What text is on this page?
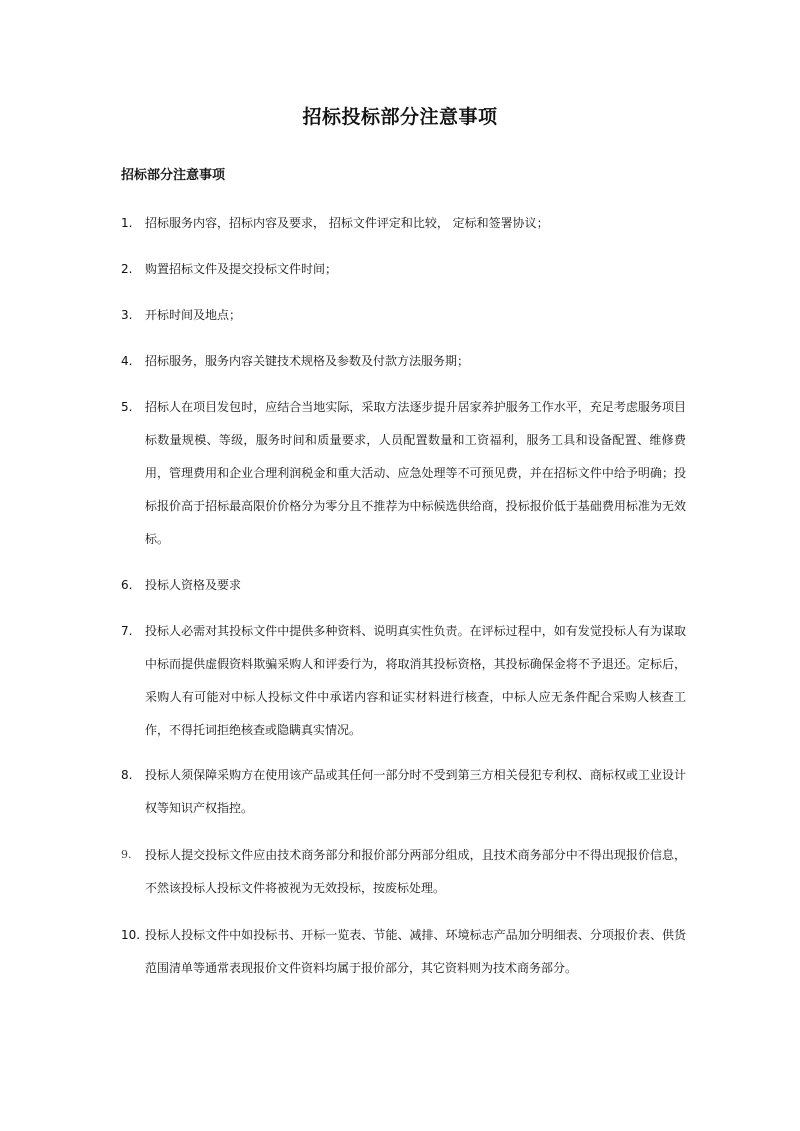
招标投标部分注意事项
招标部分注意事项
1. 招标服务内容，招标内容及要求， 招标文件评定和比较， 定标和签署协议；
2. 购置招标文件及提交投标文件时间；
3. 开标时间及地点；
4. 招标服务，服务内容关键技术规格及参数及付款方法服务期；
5. 招标人在项目发包时，应结合当地实际，采取方法逐步提升居家养护服务工作水平，充足考虑服务项目标数量规模、等级，服务时间和质量要求，人员配置数量和工资福利，服务工具和设备配置、维修费用，管理费用和企业合理利润税金和重大活动、应急处理等不可预见费，并在招标文件中给予明确；投标报价高于招标最高限价价格分为零分且不推荐为中标候选供给商，投标报价低于基础费用标准为无效标。
6. 投标人资格及要求
7. 投标人必需对其投标文件中提供多种资料、说明真实性负责。在评标过程中，如有发觉投标人有为谋取中标而提供虚假资料欺骗采购人和评委行为，将取消其投标资格，其投标确保金将不予退还。定标后，采购人有可能对中标人投标文件中承诺内容和证实材料进行核查，中标人应无条件配合采购人核查工作，不得托词拒绝核查或隐瞒真实情况。
8. 投标人须保障采购方在使用该产品或其任何一部分时不受到第三方相关侵犯专利权、商标权或工业设计权等知识产权指控。
9. 投标人提交投标文件应由技术商务部分和报价部分两部分组成，且技术商务部分中不得出现报价信息，不然该投标人投标文件将被视为无效投标，按废标处理。
10. 投标人投标文件中如投标书、开标一览表、节能、减排、环境标志产品加分明细表、分项报价表、供货范围清单等通常表现报价文件资料均属于报价部分，其它资料则为技术商务部分。
